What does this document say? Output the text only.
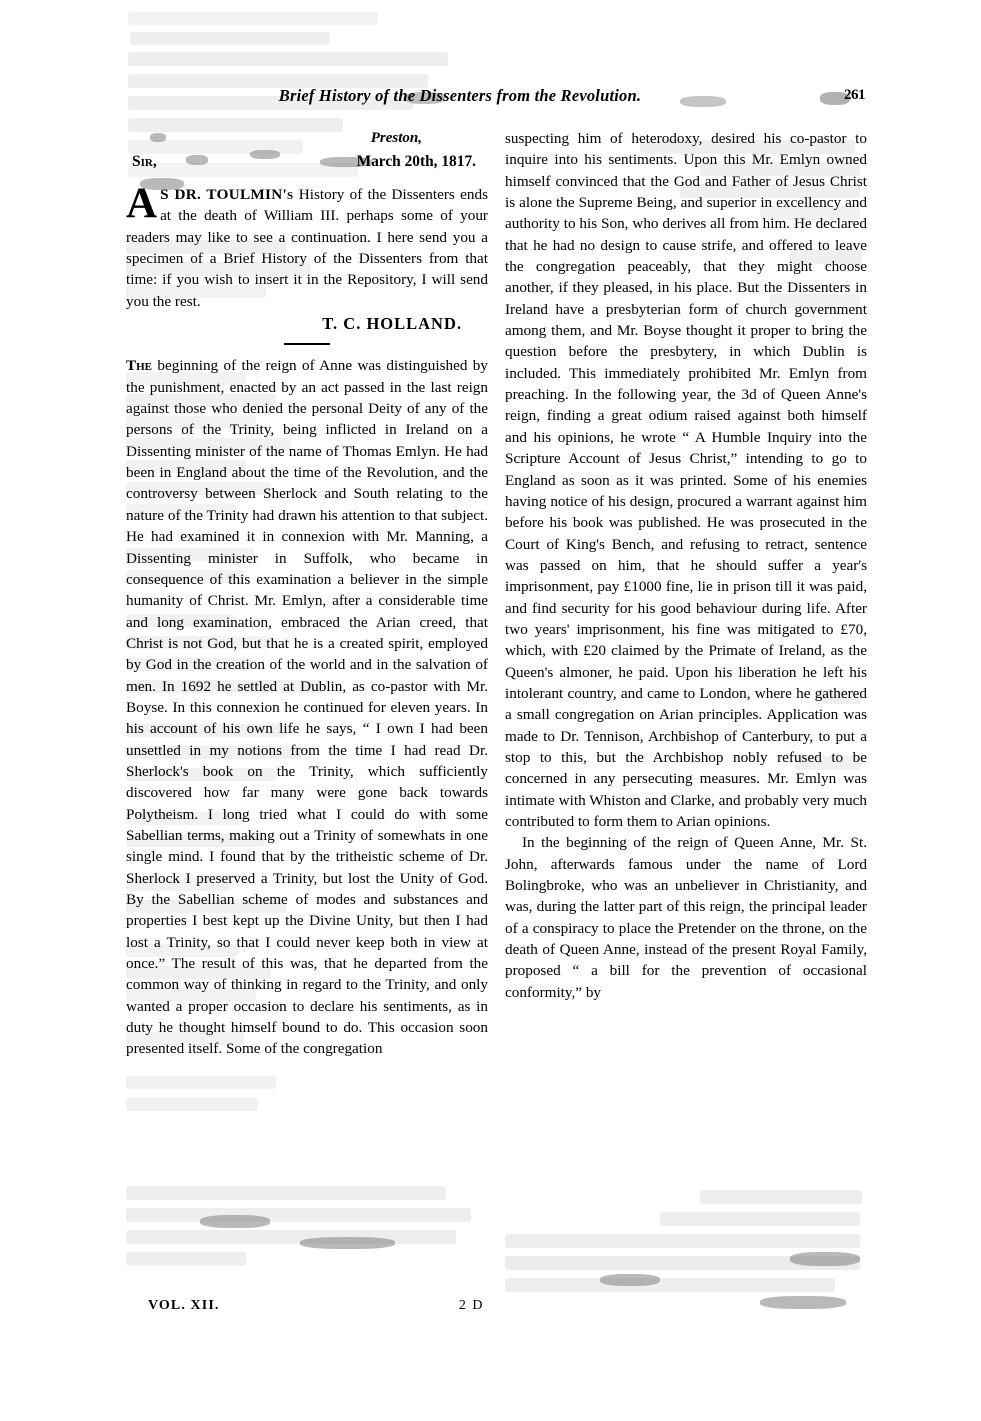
Brief History of the Dissenters from the Revolution.	261
Preston,
Sir,	March 20th, 1817.

A S DR. TOULMIN's History of the Dissenters ends at the death of William III. perhaps some of your readers may like to see a continuation. I here send you a specimen of a Brief History of the Dissenters from that time: if you wish to insert it in the Repository, I will send you the rest.

T. C. HOLLAND.

The beginning of the reign of Anne was distinguished by the punishment, enacted by an act passed in the last reign against those who denied the personal Deity of any of the persons of the Trinity, being inflicted in Ireland on a Dissenting minister of the name of Thomas Emlyn. He had been in England about the time of the Revolution, and the controversy between Sherlock and South relating to the nature of the Trinity had drawn his attention to that subject. He had examined it in connexion with Mr. Manning, a Dissenting minister in Suffolk, who became in consequence of this examination a believer in the simple humanity of Christ. Mr. Emlyn, after a considerable time and long examination, embraced the Arian creed, that Christ is not God, but that he is a created spirit, employed by God in the creation of the world and in the salvation of men. In 1692 he settled at Dublin, as co-pastor with Mr. Boyse. In this connexion he continued for eleven years. In his account of his own life he says, “ I own I had been unsettled in my notions from the time I had read Dr. Sherlock's book on the Trinity, which sufficiently discovered how far many were gone back towards Polytheism. I long tried what I could do with some Sabellian terms, making out a Trinity of somewhats in one single mind. I found that by the tritheistic scheme of Dr. Sherlock I preserved a Trinity, but lost the Unity of God. By the Sabellian scheme of modes and substances and properties I best kept up the Divine Unity, but then I had lost a Trinity, so that I could never keep both in view at once.” The result of this was, that he departed from the common way of thinking in regard to the Trinity, and only wanted a proper occasion to declare his sentiments, as in duty he thought himself bound to do. This occasion soon presented itself. Some of the congregation

suspecting him of heterodoxy, desired his co-pastor to inquire into his sentiments. Upon this Mr. Emlyn owned himself convinced that the God and Father of Jesus Christ is alone the Supreme Being, and superior in excellency and authority to his Son, who derives all from him. He declared that he had no design to cause strife, and offered to leave the congregation peaceably, that they might choose another, if they pleased, in his place. But the Dissenters in Ireland have a presbyterian form of church government among them, and Mr. Boyse thought it proper to bring the question before the presbytery, in which Dublin is included. This immediately prohibited Mr. Emlyn from preaching. In the following year, the 3d of Queen Anne's reign, finding a great odium raised against both himself and his opinions, he wrote “ A Humble Inquiry into the Scripture Account of Jesus Christ,” intending to go to England as soon as it was printed. Some of his enemies having notice of his design, procured a warrant against him before his book was published. He was prosecuted in the Court of King's Bench, and refusing to retract, sentence was passed on him, that he should suffer a year's imprisonment, pay £1000 fine, lie in prison till it was paid, and find security for his good behaviour during life. After two years' imprisonment, his fine was mitigated to £70, which, with £20 claimed by the Primate of Ireland, as the Queen's almoner, he paid. Upon his liberation he left his intolerant country, and came to London, where he gathered a small congregation on Arian principles. Application was made to Dr. Tennison, Archbishop of Canterbury, to put a stop to this, but the Archbishop nobly refused to be concerned in any persecuting measures. Mr. Emlyn was intimate with Whiston and Clarke, and probably very much contributed to form them to Arian opinions.

In the beginning of the reign of Queen Anne, Mr. St. John, afterwards famous under the name of Lord Bolingbroke, who was an unbeliever in Christianity, and was, during the latter part of this reign, the principal leader of a conspiracy to place the Pretender on the throne, on the death of Queen Anne, instead of the present Royal Family, proposed “ a bill for the prevention of occasional conformity,” by

VOL. XII.	2 D
